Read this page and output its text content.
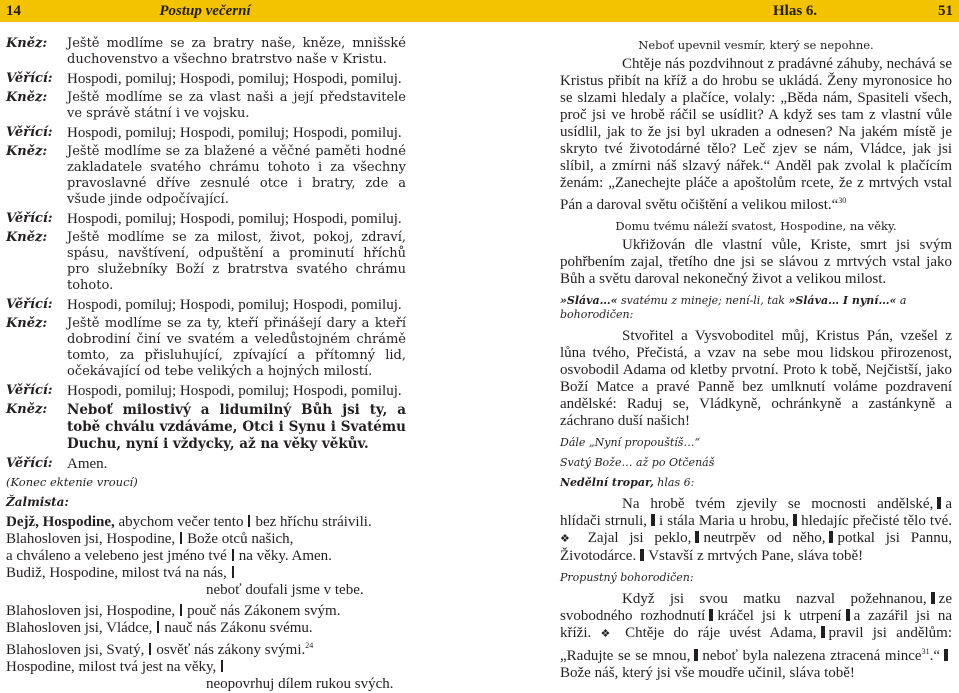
14	Postup večerní	Hlas 6.	51
Kněz:	Ještě modlíme se za bratry naše, kněze, mnišské duchovenstvo a všechno bratrstvo naše v Kristu.
Věřící: Hospodi, pomiluj; Hospodi, pomiluj; Hospodi, pomiluj.
Kněz:	Ještě modlíme se za vlast naši a její představitele ve správě státní i ve vojsku.
Věřící: Hospodi, pomiluj; Hospodi, pomiluj; Hospodi, pomiluj.
Kněz:	Ještě modlíme se za blažené a věčné paměti hodné zakladatele svatého chrámu tohoto i za všechny pravoslavné dříve zesnulé otce i bratry, zde a všude jinde odpočívající.
Věřící: Hospodi, pomiluj; Hospodi, pomiluj; Hospodi, pomiluj.
Kněz:	Ještě modlíme se za milost, život, pokoj, zdraví, spásu, navštívení, odpuštění a prominutí hříchů pro služebníky Boží z bratrstva svatého chrámu tohoto.
Věřící: Hospodi, pomiluj; Hospodi, pomiluj; Hospodi, pomiluj.
Kněz:	Ještě modlíme se za ty, kteří přinášejí dary a kteří dobrodiní činí ve svatém a veledůstojném chrámě tomto, za přisluhující, zpívající a přítomný lid, očekávající od tebe velikých a hojných milostí.
Věřící: Hospodi, pomiluj; Hospodi, pomiluj; Hospodi, pomiluj.
Kněz:	Neboť milostivý a lidumilný Bůh jsi ty, a tobě chválu vzdáváme, Otci i Synu i Svatému Duchu, nyní i vždycky, až na věky věkův.
Věřící: Amen.
(Konec ektenie vroucí)
Žalmista:
Dejž, Hospodine, abychom večer tento bez hříchu stráivili.
Blahosloven jsi, Hospodine, Bože otců našich,
a chváleno a velebeno jest jméno tvé na věky. Amen.
Budiž, Hospodine, milost tvá na nás,
neboť doufali jsme v tebe.
Blahosloven jsi, Hospodine, pouč nás Zákonem svým.
Blahosloven jsi, Vládce, nauč nás Zákonu svému.
Blahosloven jsi, Svatý, osvěť nás zákony svými.$^{24}$
Hospodine, milost tvá jest na věky,
neopovrhuj dílem rukou svých.
Neboť upevnil vesmír, který se nepohne.
Chtěje nás pozdvihnout z pradávné záhuby, nechává se Kristus přibít na kříž a do hrobu se ukládá. Ženy myronosice ho se slzami hledaly a plačíce, volaly: „Běda nám, Spasiteli všech, proč jsi ve hrobě ráčil se usídlit? A když ses tam z vlastní vůle usídlil, jak to že jsi byl ukraden a odnesen? Na jakém místě je skryto tvé životodárné tělo? Leč zjev se nám, Vládce, jak jsi slíbil, a zmírni náš slzavý nářek.“ Anděl pak zvolal k plačícím ženám: „Zanechejte pláče a apoštolům rcete, že z mrtvých vstal Pán a daroval světu očištění a velikou milost.“$^{30}$
Domu tvému náleží svatost, Hospodine, na věky.
Ukřižován dle vlastní vůle, Kriste, smrt jsi svým pohřbením zajal, třetího dne jsi se slávou z mrtvých vstal jako Bůh a světu daroval nekonečný život a velikou milost.
»Sláva…« svatému z mineje; není-li, tak »Sláva… I nyní…« a bohorodičen:
Stvořitel a Vysvoboditel můj, Kristus Pán, vzešel z lůna tvého, Přečistá, a vzav na sebe mou lidskou přirozenost, osvobodil Adama od kletby prvotní. Proto k tobě, Nejčistší, jako Boží Matce a pravé Panně bez umlknutí voláme pozdravení andělské: Raduj se, Vládkyně, ochránkyně a zastánkyně a záchrano duší našich!
Dále „Nyní propouštíš…“
Svatý Bože… až po Otčenáš
Nedělní tropar, hlas 6:
Na hrobě tvém zjevily se mocnosti andělské, a hlídači strnuli, i stála Maria u hrobu, hledajíc přečisté tělo tvé. ❖ Zajal jsi peklo, neutrpěv od něho, potkal jsi Pannu, Životodárce. Vstavší z mrtvých Pane, sláva tobě!
Propustný bohorodičen:
Když jsi svou matku nazval požehnanou, ze svobodného rozhodnutí kráčel jsi k utrpení a zazářil jsi na kříži. ❖ Chtěje do ráje uvést Adama, pravil jsi andělům: „Radujte se se mnou, neboť byla nalezena ztracená mince$^{31}$.“Bože náš, který jsi vše moudře učinil, sláva tobě!
